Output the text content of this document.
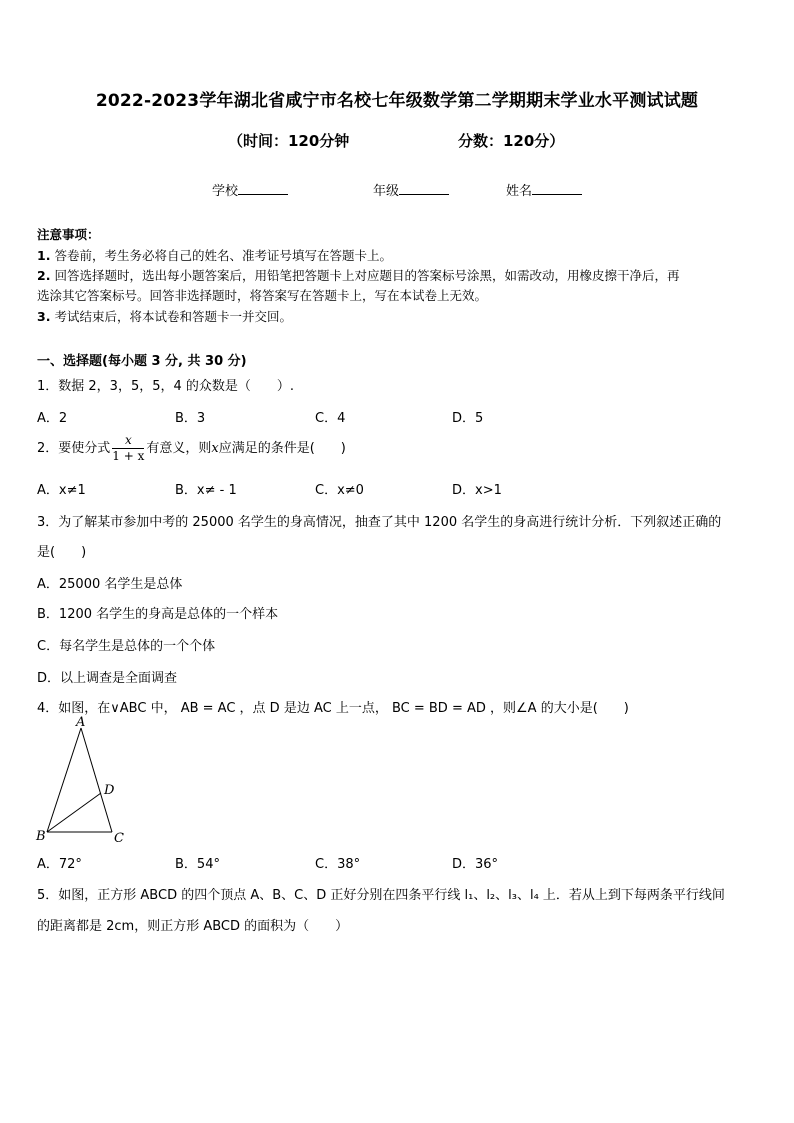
2022-2023学年湖北省咸宁市名校七年级数学第二学期期末学业水平测试试题
（时间：120分钟	分数：120分）
学校	年级	姓名
注意事项：
1. 答卷前，考生务必将自己的姓名、准考证号填写在答题卡上。
2. 回答选择题时，选出每小题答案后，用铅笔把答题卡上对应题目的答案标号涂黑，如需改动，用橡皮擦干净后，再
选涂其它答案标号。回答非选择题时，将答案写在答题卡上，写在本试卷上无效。
3. 考试结束后，将本试卷和答题卡一并交回。
一、选择题(每小题 3 分, 共 30 分)
1．数据 2，3，5，5，4 的众数是（　　）.
A．2	B．3	C．4	D．5
2．要使分式 $\frac{x}{1 + x}$ 有意义，则x应满足的条件是(　　)
A．x≠1	B．x≠ - 1	C．x≠0	D．x>1
3．为了解某市参加中考的 25000 名学生的身高情况，抽查了其中 1200 名学生的身高进行统计分析．下列叙述正确的
是(　　)
A．25000 名学生是总体
B．1200 名学生的身高是总体的一个样本
C．每名学生是总体的一个个体
D．以上调查是全面调查
4．如图，在∨ABC 中， AB = AC ，点 D 是边 AC 上一点， BC = BD = AD ，则∠A 的大小是(　　)
A
B	C
D
A．72°	B．54°	C．38°	D．36°
5．如图，正方形 ABCD 的四个顶点 A、B、C、D 正好分别在四条平行线 l₁、l₂、l₃、l₄ 上．若从上到下每两条平行线间
的距离都是 2cm，则正方形 ABCD 的面积为（　　）
